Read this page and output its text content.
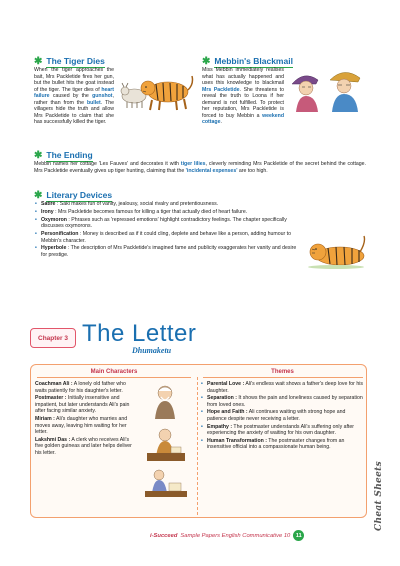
✱ The Tiger Dies

When the tiger approaches the bait, Mrs Packletide fires her gun, but the bullet hits the goat instead of the tiger. The tiger dies of heart failure caused by the gunshot, rather than from the bullet. The villagers hide the truth and allow Mrs Packletide to claim that she has successfully killed the tiger.

✱ Mebbin's Blackmail

Miss Mebbin immediately realises what has actually happened and uses this knowledge to blackmail Mrs Packletide. She threatens to reveal the truth to Loona if her demand is not fulfilled. To protect her reputation, Mrs Packletide is forced to buy Mebbin a weekend cottage.

✱ The Ending

Mebbin names her cottage 'Les Fauves' and decorates it with tiger lilies, cleverly reminding Mrs Packletide of the secret behind the cottage. Mrs Packletide eventually gives up tiger hunting, claiming that the 'incidental expenses' are too high.

✱ Literary Devices
• Satire : Saki makes fun of vanity, jealousy, social rivalry and pretentiousness.
• Irony : Mrs Packletide becomes famous for killing a tiger that actually died of heart failure.
• Oxymoron : Phrases such as 'repressed emotions' highlight contradictory feelings. The chapter specifically discusses oxymorons.
• Personification : Money is described as if it could cling, deplete and behave like a person, adding humour to Mebbin's character.
• Hyperbole : The description of Mrs Packletide's imagined fame and publicity exaggerates her vanity and desire for prestige.
Chapter 3 The Letter
Dhumaketu
Main Characters	Themes
Coachman Ali : A lonely old father who waits patiently for his daughter's letter.
Postmaster : Initially insensitive and impatient, but later understands Ali's pain after facing similar anxiety.
Miriam : Ali's daughter who marries and moves away, leaving him waiting for her letter.
Lakshmi Das : A clerk who receives Ali's five golden guineas and later helps deliver his letter.
• Parental Love : Ali's endless wait shows a father's deep love for his daughter.
• Separation : It shows the pain and loneliness caused by separation from loved ones.
• Hope and Faith : Ali continues waiting with strong hope and patience despite never receiving a letter.
• Empathy : The postmaster understands Ali's suffering only after experiencing the anxiety of waiting for his own daughter.
• Human Transformation : The postmaster changes from an insensitive official into a compassionate human being.
i-Succeed Sample Papers English Communicative 10	11
Cheat Sheets
